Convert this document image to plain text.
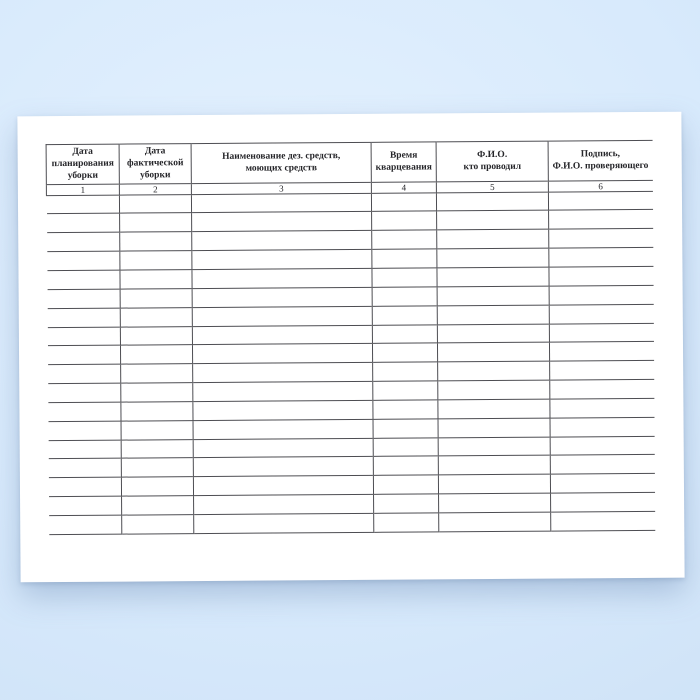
Дата
планирования
уборки	Дата
фактической
уборки	Наименование дез. средств,
моющих средств	Время
кварцевания	Ф.И.О.
кто проводил	Подпись,
Ф.И.О. проверяющего
1	2	3	4	5	6
